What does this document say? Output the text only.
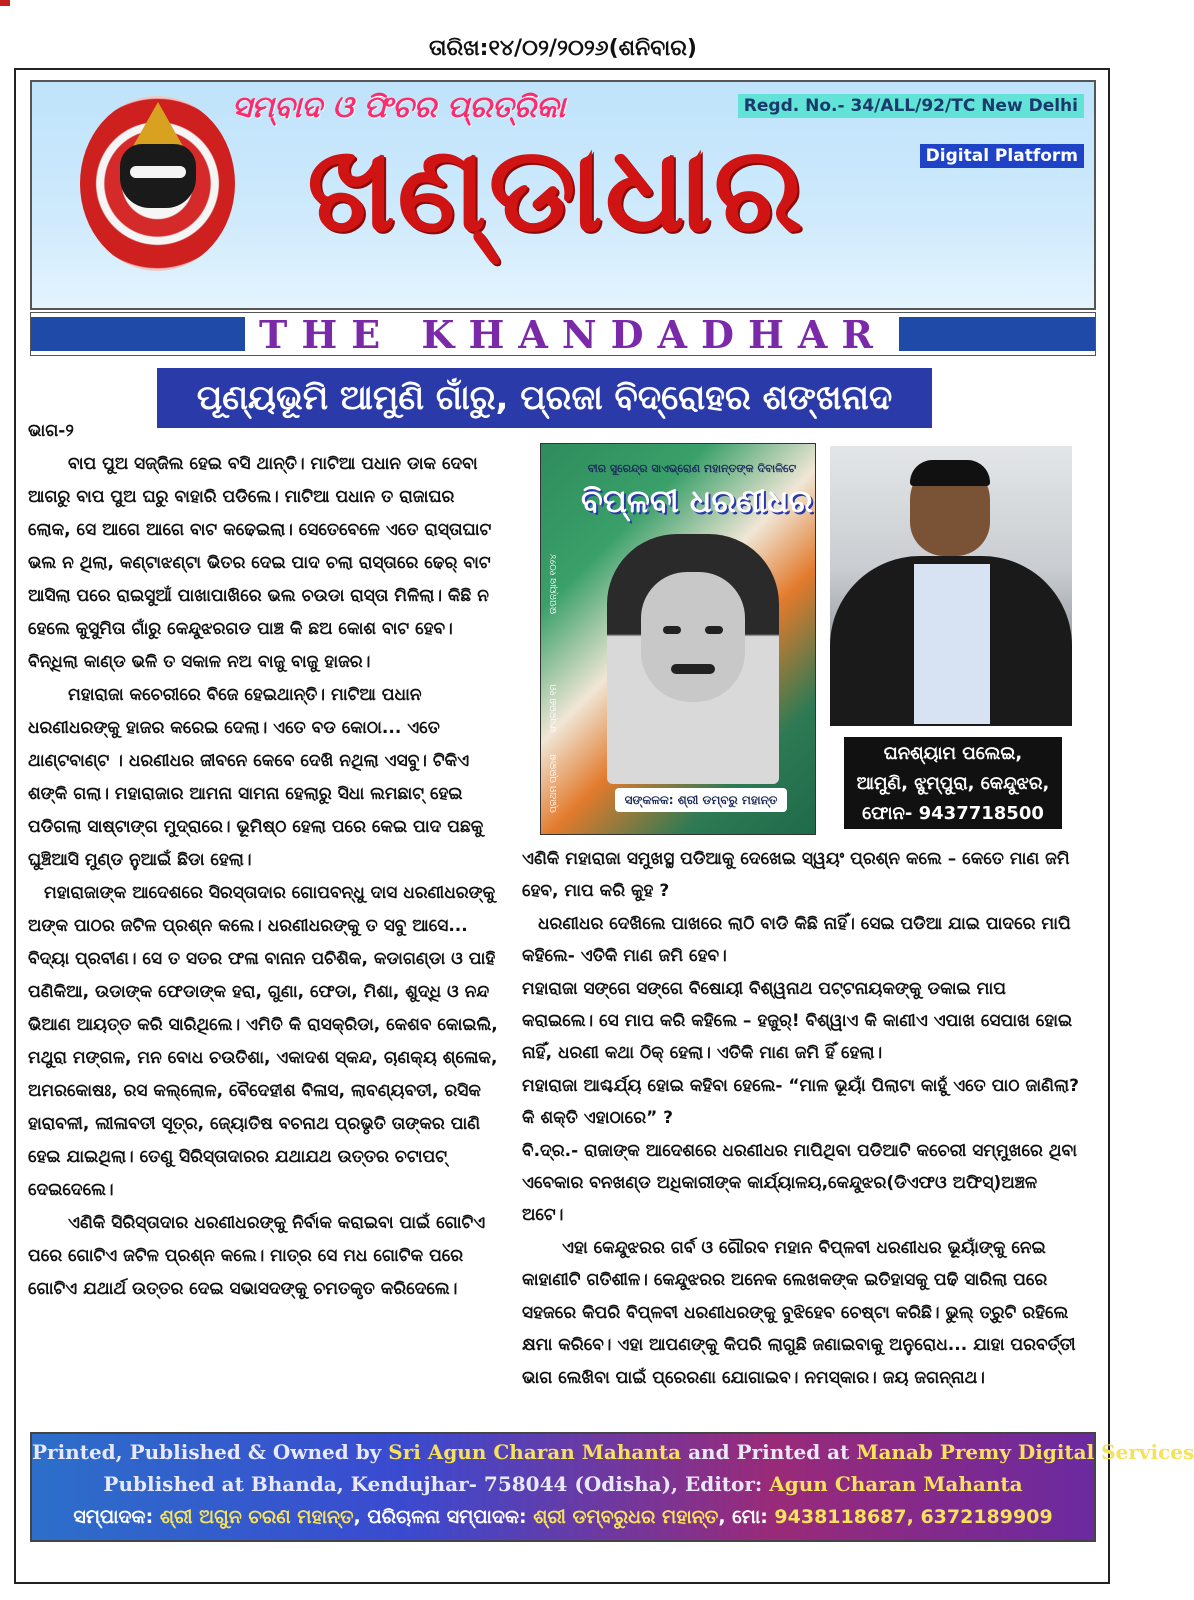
ତାରିଖ:୧୪/୦୨/୨୦୨୬(ଶନିବାର)
ସମ୍ବାଦ ଓ ଫିଚର ପ୍ରତ୍ରିକା
ଖଣ୍ଡାଧାର
Regd. No.- 34/ALL/92/TC New Delhi
Digital Platform
THE KHANDADHAR
ପୂଣ୍ୟଭୂମି ଆମୁଣି ଗାଁରୁ, ପ୍ରଜା ବିଦ୍ରୋହର ଶଙ୍ଖନାଦ
ଭାଗ-୨

ବାପ ପୁଅ ସଜ୍ଜିଲ ହେଇ ବସି ଥାନ୍ତି। ମାଟିଆ ପଧାନ ଡାକ ଦେବା ଆଗରୁ ବାପ ପୁଅ ଘରୁ ବାହାରି ପଡିଲେ। ମାଟିଆ ପଧାନ ତ ରାଜାଘର ଲୋକ, ସେ ଆଗେ ଆଗେ ବାଟ କଢେଇଲା। ସେତେବେଳେ ଏତେ ରାସ୍ତାଘାଟ ଭଲ ନ ଥିଲା, କଣ୍ଟାଝଣ୍ଟା ଭିତର ଦେଇ ପାଦ ଚଲା ରାସ୍ତାରେ ଢେର୍ ବାଟ ଆସିଲା ପରେ ରାଇସୁଆଁ ପାଖାପାଖିରେ ଭଲ ଚଉଡା ରାସ୍ତା ମିଳିଲା। କିଛି ନ ହେଲେ କୁସୁମିତା ଗାଁରୁ କେନ୍ଦୁଝରଗଡ ପାଞ୍ଚ କି ଛଅ କୋଶ ବାଟ ହେବ। ବିନ୍ଧିଲା କାଣ୍ଡ ଭଳି ତ ସକାଳ ନଅ ବାଜୁ ବାଜୁ ହାଜର।

ମହାରାଜା କଚେରୀରେ ବିଜେ ହେଇଥାନ୍ତି। ମାଟିଆ ପଧାନ ଧରଣୀଧରଙ୍କୁ ହାଜର କରେଇ ଦେଲା। ଏତେ ବଡ କୋଠା... ଏତେ ଥାଣ୍ଟବାଣ୍ଟ । ଧରଣୀଧର ଜୀବନେ କେବେ ଦେଖି ନଥିଲା ଏସବୁ। ଟିକିଏ ଶଙ୍କି ଗଲା। ମହାରାଜାର ଆମନା ସାମନା ହେଲାରୁ ସିଧା ଲମଛାଟ୍ ହେଇ ପଡିଗଲା ସାଷ୍ଟାଙ୍ଗ ମୁଦ୍ରାରେ। ଭୂମିଷ୍ଠ ହେଲା ପରେ କେଇ ପାଦ ପଛକୁ ଘୁଞ୍ଚିଆସି ମୁଣ୍ଡ ନୁଆଇଁ ଛିଡା ହେଲା।

ମହାରାଜାଙ୍କ ଆଦେଶରେ ସିରସ୍ତାଦାର ଗୋପବନ୍ଧୁ ଦାସ ଧରଣୀଧରଙ୍କୁ ଅଙ୍କ ପାଠର ଜଟିଳ ପ୍ରଶ୍ନ କଲେ। ଧରଣୀଧରଙ୍କୁ ତ ସବୁ ଆସେ... ବିଦ୍ୟା ପ୍ରବୀଣ। ସେ ତ ସତର ଫଳା ବାନାନ ପଚିଶିକ, କଡାଗଣ୍ଡା ଓ ପାହି ପଣିକିଆ, ଉଡାଙ୍କ ଫେଡାଙ୍କ ହରା, ଗୁଣା, ଫେଡା, ମିଶା, ଶୁଦ୍ଧି ଓ ନନ୍ଦ ଭିଆଣ ଆୟତ୍ତ କରି ସାରିଥିଲେ। ଏମିତି କି ରାସକ୍ରିଡା, କେଶବ କୋଇଲି, ମଥୁରା ମଙ୍ଗଳ, ମନ ବୋଧ ଚଉତିଶା, ଏକାଦଶ ସ୍କନ୍ଦ, ଚାଣକ୍ୟ ଶ୍ଳୋକ, ଅମରକୋଷଃ, ରସ କଲ୍ଲୋଳ, ବୈଦେହୀଶ ବିଳାସ, ଲାବଣ୍ୟବତୀ, ରସିକ ହାରାବଳୀ, ଲୀଳାବତୀ ସୂତ୍ର, ଜ୍ୟୋତିଷ ବଚନାଥ ପ୍ରଭୃତି ତାଙ୍କର ପାଣି ହେଇ ଯାଇଥିଲା। ତେଣୁ ସିରିସ୍ତାଦାରର ଯଥାଯଥ ଉତ୍ତର ଚଟାପଟ୍ ଦେଇଦେଲେ।

ଏଣିକି ସିରିସ୍ତାଦାର ଧରଣୀଧରଙ୍କୁ ନିର୍ବାକ କରାଇବା ପାଇଁ ଗୋଟିଏ ପରେ ଗୋଟିଏ ଜଟିଳ ପ୍ରଶ୍ନ କଲେ। ମାତ୍ର ସେ ମଧ ଗୋଟିକ ପରେ ଗୋଟିଏ ଯଥାର୍ଥ ଉତ୍ତର ଦେଇ ସଭାସଦଙ୍କୁ ଚମତକୃତ କରିଦେଲେ।

ବୀର ସୁରେନ୍ଦ୍ର ସାଏଭ୍ରୋଣ ମହାନ୍ତଙ୍କ ଦିବାଳିଟେ
ବିପ୍ଳବୀ ଧରଣୀଧର
ସଙ୍କଳକ: ଶ୍ରୀ ଡମ୍ବରୁ ମହାନ୍ତ
ଉପନ୍ୟାସ ୧୦୨୪
ସଂସ୍କରଣ ୧ମ
ପ୍ରଥମ ପ୍ରକାଶ
ଘନଶ୍ୟାମ ପଲେଇ,
ଆମୁଣି, ଝୁମ୍ପୁରା, କେନ୍ଦୁଝର,
ଫୋନ- 9437718500

ଏଣିକି ମହାରାଜା ସମୁଖସ୍ଥ ପଡିଆକୁ ଦେଖେଇ ସ୍ୱୟଂ ପ୍ରଶ୍ନ କଲେ – କେତେ ମାଣ ଜମି ହେବ, ମାପ କରି କୁହ ?

ଧରଣୀଧର ଦେଖିଲେ ପାଖରେ ଲାଠି ବାଡି କିଛି ନାହିଁ। ସେଇ ପଡିଆ ଯାଇ ପାଦରେ ମାପି କହିଲେ- ଏତିକି ମାଣ ଜମି ହେବ।

ମହାରାଜା ସଙ୍ଗେ ସଙ୍ଗେ ବିଷୋୟୀ ବିଶ୍ୱନାଥ ପଟ୍ଟନାୟକଙ୍କୁ ଡକାଇ ମାପ କରାଇଲେ। ସେ ମାପ କରି କହିଲେ – ହଜୁର୍! ବିଶ୍ୱାଏ କି କାଣୀଏ ଏପାଖ ସେପାଖ ହୋଇ ନାହିଁ, ଧରଣୀ କଥା ଠିକ୍ ହେଲା। ଏତିକି ମାଣ ଜମି ହିଁ ହେଲା।

ମହାରାଜା ଆଶ୍ଚର୍ଯ୍ୟ ହୋଇ କହିବା ହେଲେ- “ମାଳ ଭୂୟାଁ ପିଲାଟା କାହୁଁ ଏତେ ପାଠ ଜାଣିଲା? କି ଶକ୍ତି ଏହାଠାରେ” ?

ବି.ଦ୍ର.- ରାଜାଙ୍କ ଆଦେଶରେ ଧରଣୀଧର ମାପିଥିବା ପଡିଆଟି କଚେରୀ ସମ୍ମୁଖରେ ଥିବା ଏବେକାର ବନଖଣ୍ଡ ଅଧିକାରୀଙ୍କ କାର୍ଯ୍ୟାଳୟ,କେନ୍ଦୁଝର(ଡିଏଫଓ ଅଫିସ୍)ଅଞ୍ଚଳ ଅଟେ।

ଏହା କେନ୍ଦୁଝରର ଗର୍ବ ଓ ଗୌରବ ମହାନ ବିପ୍ଳବୀ ଧରଣୀଧର ଭୂୟାଁଙ୍କୁ ନେଇ କାହାଣୀଟି ଗତିଶୀଳ। କେନ୍ଦୁଝରର ଅନେକ ଲେଖକଙ୍କ ଇତିହାସକୁ ପଢି ସାରିଲା ପରେ ସହଜରେ କିପରି ବିପ୍ଳବୀ ଧରଣୀଧରଙ୍କୁ ବୁଝିହେବ ଚେଷ୍ଟା କରିଛି। ଭୁଲ୍ ତ୍ରୁଟି ରହିଲେ କ୍ଷମା କରିବେ। ଏହା ଆପଣଙ୍କୁ କିପରି ଲାଗୁଛି ଜଣାଇବାକୁ ଅନୁରୋଧ... ଯାହା ପରବର୍ତ୍ତୀ ଭାଗ ଲେଖିବା ପାଇଁ ପ୍ରେରଣା ଯୋଗାଇବ। ନମସ୍କାର। ଜୟ ଜଗନ୍ନାଥ।

Printed, Published & Owned by Sri Agun Charan Mahanta and Printed at Manab Premy Digital Services
Published at Bhanda, Kendujhar- 758044 (Odisha), Editor: Agun Charan Mahanta
ସମ୍ପାଦକ: ଶ୍ରୀ ଅଗୁନ ଚରଣ ମହାନ୍ତ, ପରିଚାଳନା ସମ୍ପାଦକ: ଶ୍ରୀ ଡମ୍ବରୁଧର ମହାନ୍ତ, ମୋ: 9438118687, 6372189909
